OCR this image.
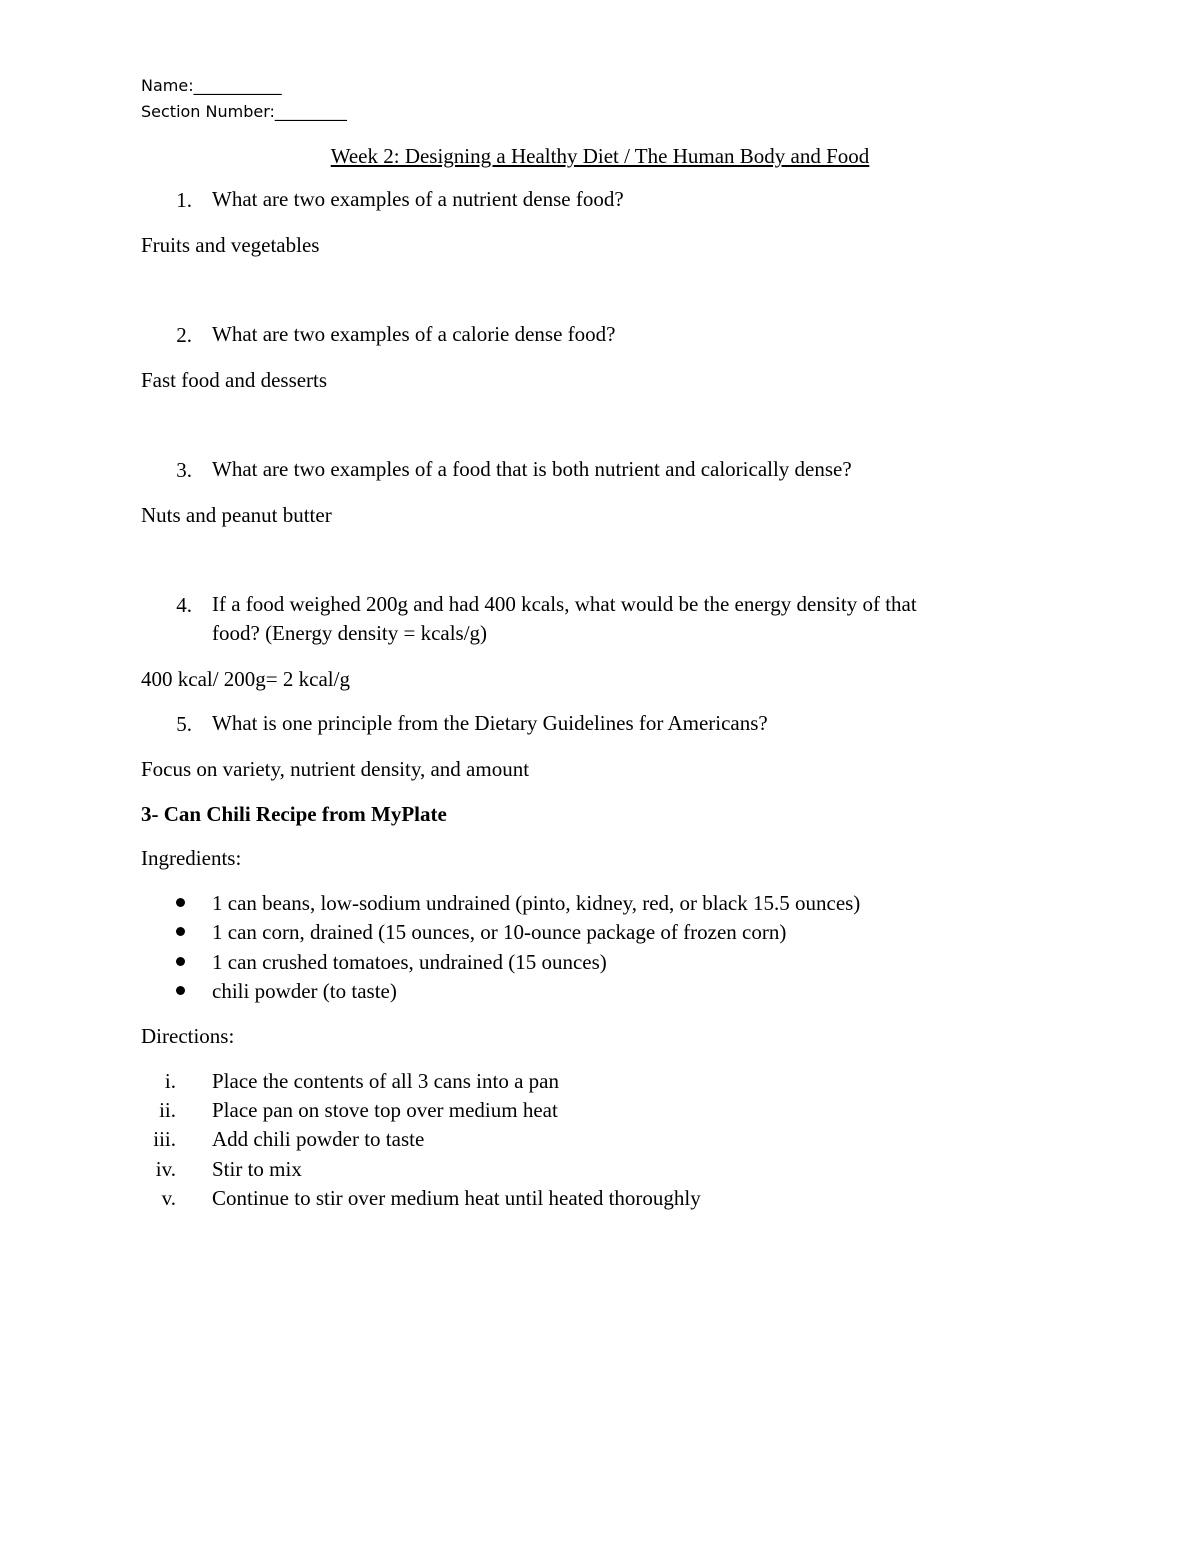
Name:___________
Section Number:_________
Week 2: Designing a Healthy Diet / The Human Body and Food
1. What are two examples of a nutrient dense food?
Fruits and vegetables
2. What are two examples of a calorie dense food?
Fast food and desserts
3. What are two examples of a food that is both nutrient and calorically dense?
Nuts and peanut butter
4. If a food weighed 200g and had 400 kcals, what would be the energy density of that
food? (Energy density = kcals/g)
400 kcal/ 200g= 2 kcal/g
5. What is one principle from the Dietary Guidelines for Americans?
Focus on variety, nutrient density, and amount
3- Can Chili Recipe from MyPlate
Ingredients:
1 can beans, low-sodium undrained (pinto, kidney, red, or black 15.5 ounces)
1 can corn, drained (15 ounces, or 10-ounce package of frozen corn)
1 can crushed tomatoes, undrained (15 ounces)
chili powder (to taste)
Directions:
i. Place the contents of all 3 cans into a pan
ii. Place pan on stove top over medium heat
iii. Add chili powder to taste
iv. Stir to mix
v. Continue to stir over medium heat until heated thoroughly
